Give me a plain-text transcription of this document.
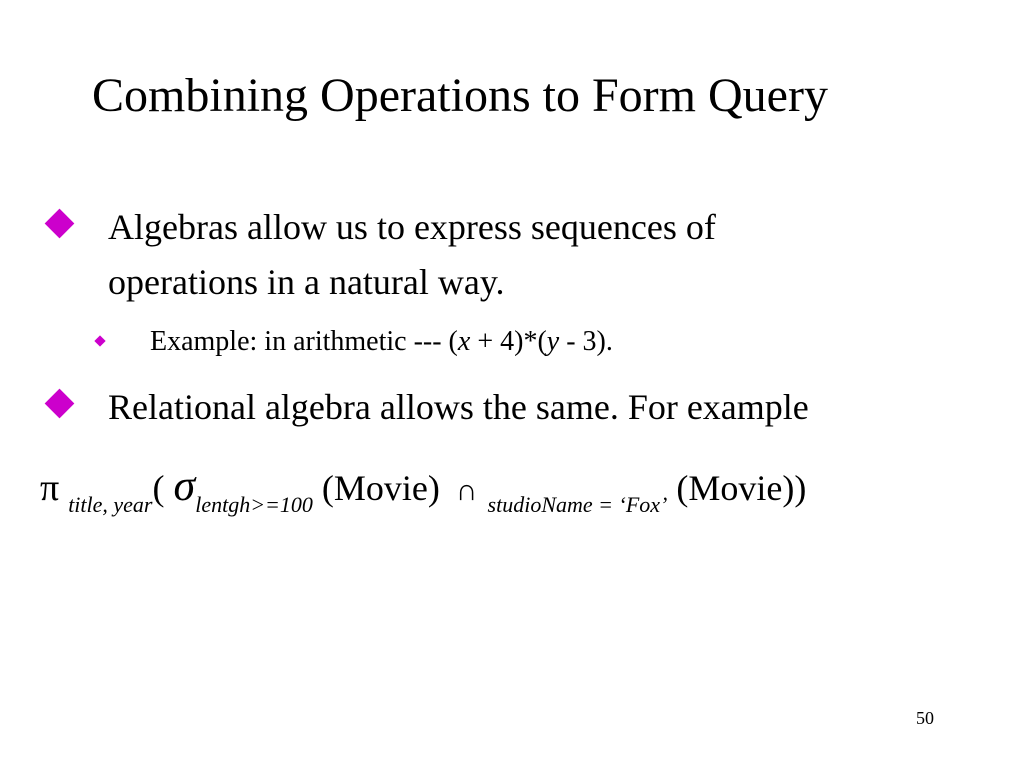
Combining Operations to Form Query
Algebras allow us to express sequences of
operations in a natural way.
Example: in arithmetic --- (x + 4)*(y - 3).
Relational algebra allows the same. For example
π $_{title, year}$( $\sigma_{lentgh>=100}$ (Movie) ∩ $_{studioName = ‘Fox’}$ (Movie))
50
